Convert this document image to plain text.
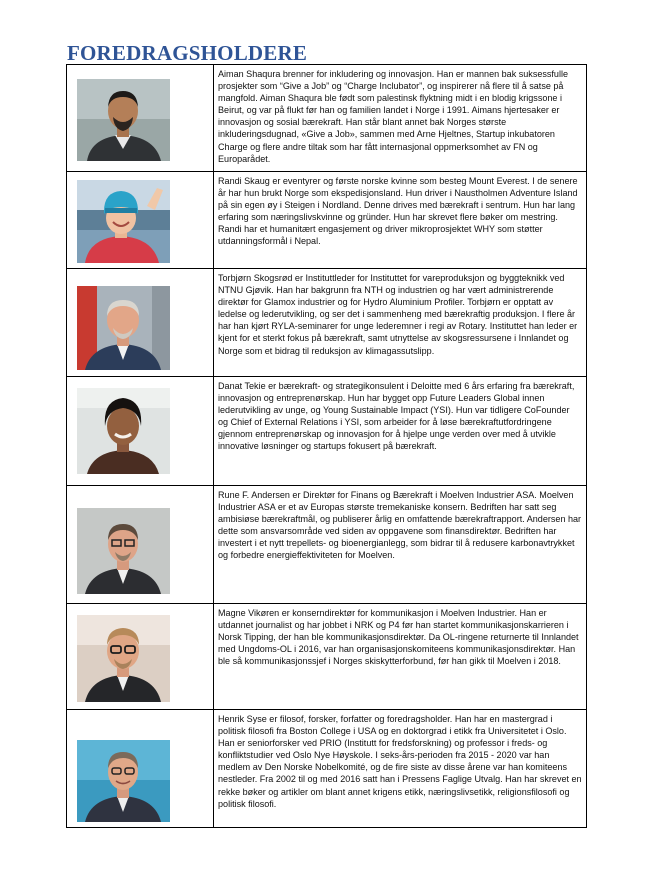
FOREDRAGSHOLDERE
	Aiman Shaqura brenner for inkludering og innovasjon. Han er mannen bak suksessfulle prosjekter som “Give a Job” og “Charge Inclubator”, og inspirerer nå flere til å satse på mangfold. Aiman Shaqura ble født som palestinsk flyktning midt i en blodig krigssone i Beirut, og var på flukt før han og familien landet i Norge i 1991. Aimans hjertesaker er innovasjon og sosial bærekraft. Han står blant annet bak Norges største inkluderingsdugnad, «Give a Job», sammen med Arne Hjeltnes, Startup inkubatoren Charge og flere andre tiltak som har fått internasjonal oppmerksomhet av FN og Europarådet.

	Randi Skaug er eventyrer og første norske kvinne som besteg Mount Everest. I de senere år har hun brukt Norge som ekspedisjonsland. Hun driver i Naustholmen Adventure Island på sin egen øy i Steigen i Nordland. Denne drives med bærekraft i sentrum. Hun har lang erfaring som næringslivskvinne og gründer. Hun har skrevet flere bøker om mestring. Randi har et humanitært engasjement og driver mikroprosjektet WHY som støtter utdanningsformål i Nepal.

	Torbjørn Skogsrød er Instituttleder for Instituttet for vareproduksjon og byggteknikk ved NTNU Gjøvik. Han har bakgrunn fra NTH og industrien og har vært administrerende direktør for Glamox industrier og for Hydro Aluminium Profiler. Torbjørn er opptatt av ledelse og lederutvikling, og ser det i sammenheng med bærekraftig produksjon. I flere år har han kjørt RYLA-seminarer for unge lederemner i regi av Rotary. Instituttet han leder er kjent for et sterkt fokus på bærekraft, samt utnyttelse av skogsressursene i Innlandet og Norge som et bidrag til reduksjon av klimagassutslipp.

	Danat Tekie er bærekraft- og strategikonsulent i Deloitte med 6 års erfaring fra bærekraft, innovasjon og entreprenørskap. Hun har bygget opp Future Leaders Global innen lederutvikling av unge, og Young Sustainable Impact (YSI). Hun var tidligere CoFounder og Chief of External Relations i YSI, som arbeider for å løse bærekraftutfordringene gjennom entreprenørskap og innovasjon for å hjelpe unge verden over med å utvikle innovative løsninger og startups fokusert på bærekraft.

	Rune F. Andersen er Direktør for Finans og Bærekraft i Moelven Industrier ASA. Moelven Industrier ASA er et av Europas største tremekaniske konsern. Bedriften har satt seg ambisiøse bærekraftmål, og publiserer årlig en omfattende bærekraftrapport. Andersen har dette som ansvarsområde ved siden av oppgavene som finansdirektør. Bedriften har investert i et nytt trepellets- og bioenergianlegg, som bidrar til å redusere karbonavtrykket og forbedre energieffektiviteten for Moelven.

	Magne Vikøren er konserndirektør for kommunikasjon i Moelven Industrier. Han er utdannet journalist og har jobbet i NRK og P4 før han startet kommunikasjonskarrieren i Norsk Tipping, der han ble kommunikasjonsdirektør. Da OL-ringene returnerte til Innlandet med Ungdoms-OL i 2016, var han organisasjonskomiteens kommunikasjonsdirektør. Han ble så kommunikasjonssjef i Norges skiskytterforbund, før han gikk til Moelven i 2018.

	Henrik Syse er filosof, forsker, forfatter og foredragsholder. Han har en mastergrad i politisk filosofi fra Boston College i USA og en doktorgrad i etikk fra Universitetet i Oslo. Han er seniorforsker ved PRIO (Institutt for fredsforskning) og professor i freds- og konfliktstudier ved Oslo Nye Høyskole. I seks-års-perioden fra 2015 - 2020 var han medlem av Den Norske Nobelkomité, og de fire siste av disse årene var han komiteens nestleder. Fra 2002 til og med 2016 satt han i Pressens Faglige Utvalg. Han har skrevet en rekke bøker og artikler om blant annet krigens etikk, næringslivsetikk, religionsfilosofi og politisk filosofi.
